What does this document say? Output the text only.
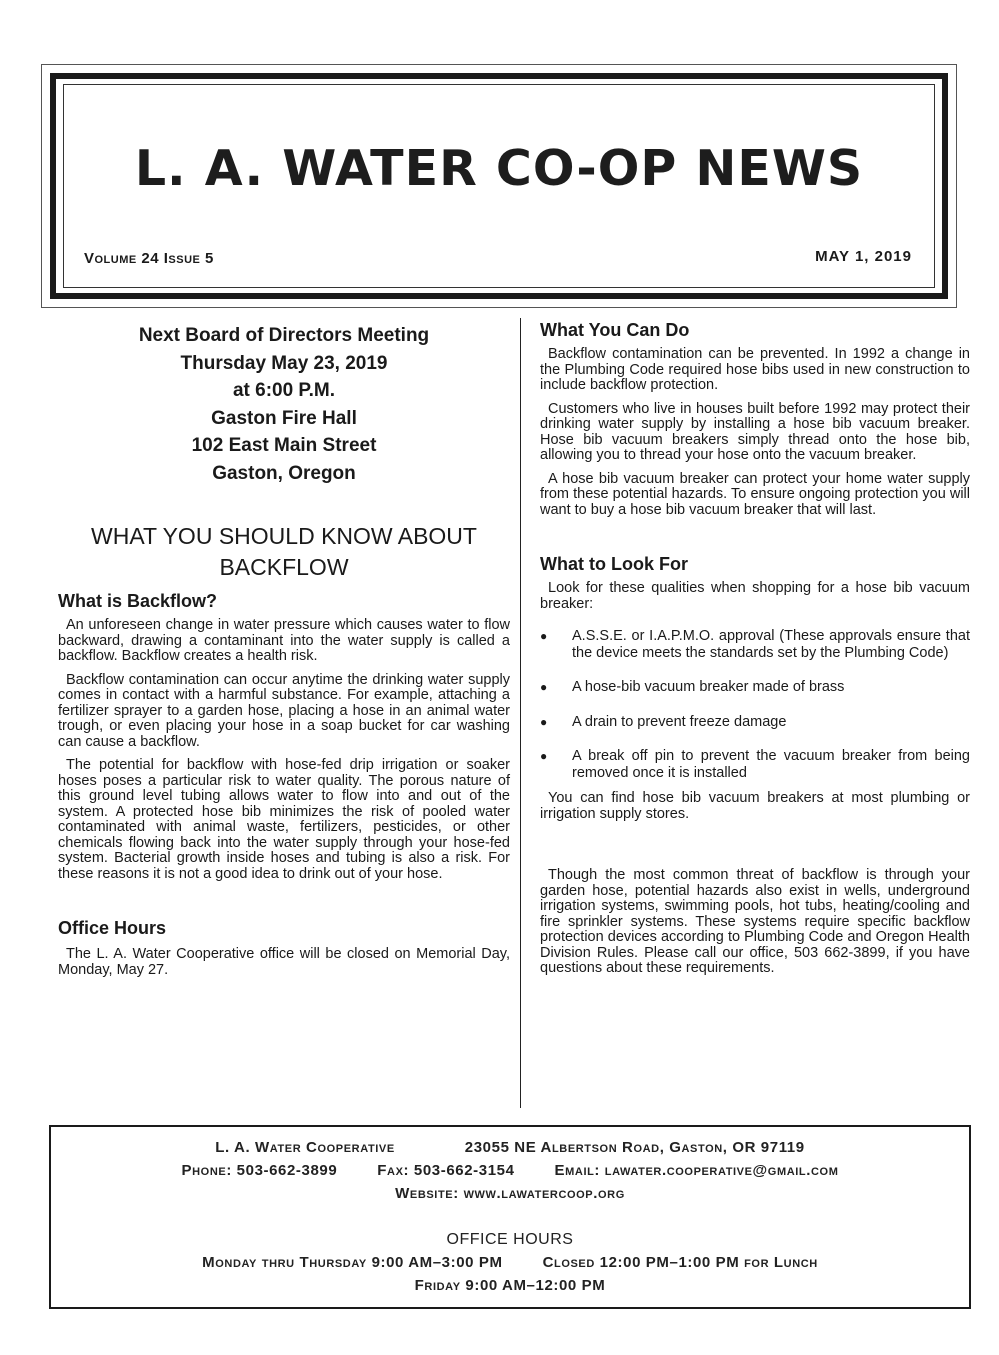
L. A. WATER CO-OP NEWS
Volume 24 Issue 5	MAY 1, 2019
Next Board of Directors Meeting
Thursday May 23, 2019
at 6:00 P.M.
Gaston Fire Hall
102 East Main Street
Gaston, Oregon
WHAT YOU SHOULD KNOW ABOUT
BACKFLOW
What is Backflow?

An unforeseen change in water pressure which causes water to flow backward, drawing a contaminant into the water supply is called a backflow. Backflow creates a health risk.

Backflow contamination can occur anytime the drinking water supply comes in contact with a harmful substance. For example, attaching a fertilizer sprayer to a garden hose, placing a hose in an animal water trough, or even placing your hose in a soap bucket for car washing can cause a backflow.

The potential for backflow with hose-fed drip irrigation or soaker hoses poses a particular risk to water quality. The porous nature of this ground level tubing allows water to flow into and out of the system. A protected hose bib minimizes the risk of pooled water contaminated with animal waste, fertilizers, pesticides, or other chemicals flowing back into the water supply through your hose-fed system. Bacterial growth inside hoses and tubing is also a risk. For these reasons it is not a good idea to drink out of your hose.

Office Hours

The L. A. Water Cooperative office will be closed on Memorial Day, Monday, May 27.

What You Can Do

Backflow contamination can be prevented. In 1992 a change in the Plumbing Code required hose bibs used in new construction to include backflow protection.

Customers who live in houses built before 1992 may protect their drinking water supply by installing a hose bib vacuum breaker. Hose bib vacuum breakers simply thread onto the hose bib, allowing you to thread your hose onto the vacuum breaker.

A hose bib vacuum breaker can protect your home water supply from these potential hazards. To ensure ongoing protection you will want to buy a hose bib vacuum breaker that will last.

What to Look For

Look for these qualities when shopping for a hose bib vacuum breaker:

● A.S.S.E. or I.A.P.M.O. approval (These approvals ensure that the device meets the standards set by the Plumbing Code)
● A hose-bib vacuum breaker made of brass
● A drain to prevent freeze damage
● A break off pin to prevent the vacuum breaker from being removed once it is installed

You can find hose bib vacuum breakers at most plumbing or irrigation supply stores.

Though the most common threat of backflow is through your garden hose, potential hazards also exist in wells, underground irrigation systems, swimming pools, hot tubs, heating/cooling and fire sprinkler systems. These systems require specific backflow protection devices according to Plumbing Code and Oregon Health Division Rules. Please call our office, 503 662-3899, if you have questions about these requirements.

L. A. Water Cooperative	23055 NE Albertson Road, Gaston, OR 97119
Phone: 503-662-3899	Fax: 503-662-3154	Email: lawater.cooperative@gmail.com
Website: www.lawatercoop.org
OFFICE HOURS
Monday thru Thursday 9:00 AM–3:00 PM	Closed 12:00 PM–1:00 PM for Lunch
Friday 9:00 AM–12:00 PM
